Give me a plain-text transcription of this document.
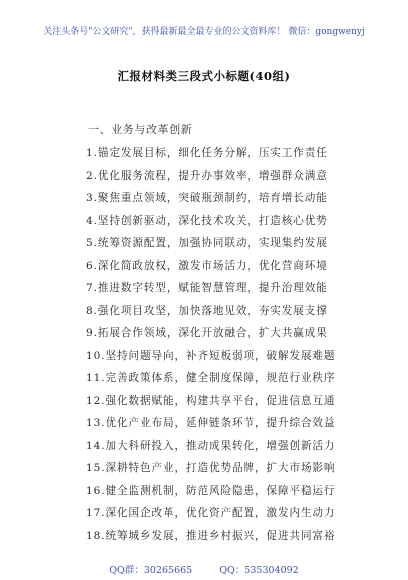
关注头条号"公文研究"，获得最新最全最专业的公文资料库！ 微信：gongwenyj
汇报材料类三段式小标题(40组)
一、业务与改革创新
1.锚定发展目标，细化任务分解，压实工作责任
2.优化服务流程，提升办事效率，增强群众满意
3.聚焦重点领域，突破瓶颈制约，培育增长动能
4.坚持创新驱动，深化技术攻关，打造核心优势
5.统筹资源配置，加强协同联动，实现集约发展
6.深化简政放权，激发市场活力，优化营商环境
7.推进数字转型，赋能智慧管理，提升治理效能
8.强化项目攻坚，加快落地见效，夯实发展支撑
9.拓展合作领域，深化开放融合，扩大共赢成果
10.坚持问题导向，补齐短板弱项，破解发展难题
11.完善政策体系，健全制度保障，规范行业秩序
12.强化数据赋能，构建共享平台，促进信息互通
13.优化产业布局，延伸链条环节，提升综合效益
14.加大科研投入，推动成果转化，增强创新活力
15.深耕特色产业，打造优势品牌，扩大市场影响
16.健全监测机制，防范风险隐患，保障平稳运行
17.深化国企改革，优化资产配置，激发内生动力
18.统筹城乡发展，推进乡村振兴，促进共同富裕
QQ群：30265665	QQ：535304092
